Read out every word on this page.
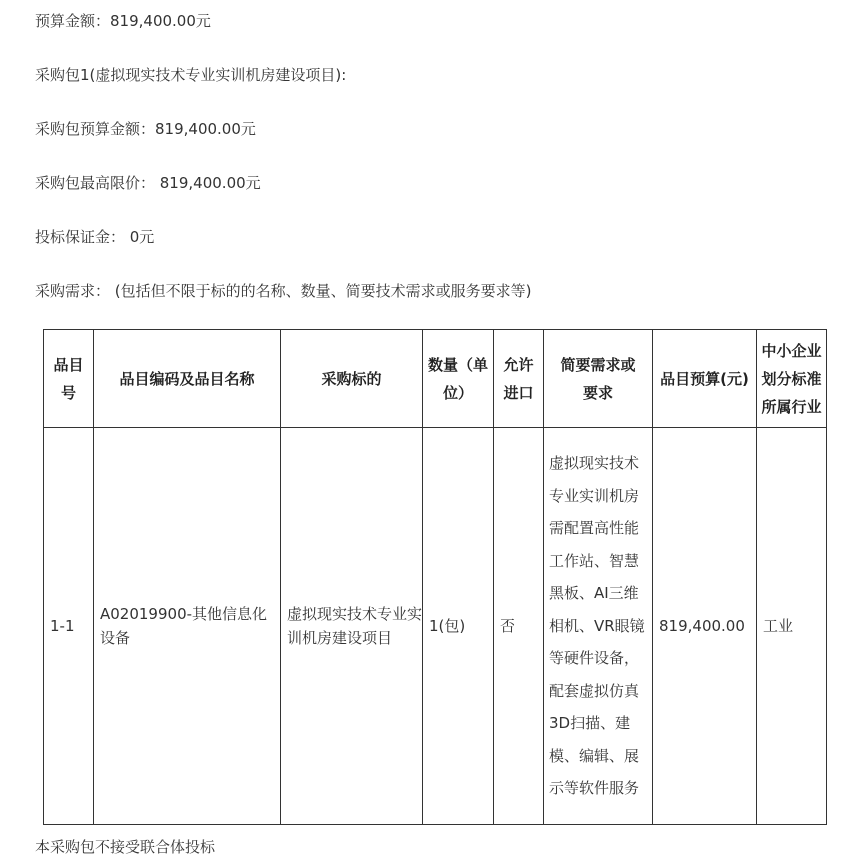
预算金额：819,400.00元
采购包1(虚拟现实技术专业实训机房建设项目):
采购包预算金额：819,400.00元
采购包最高限价： 819,400.00元
投标保证金： 0元
采购需求： (包括但不限于标的的名称、数量、简要技术需求或服务要求等)
品目号	品目编码及品目名称	采购标的	数量（单位）	允许进口	简要需求或要求	品目预算(元)	中小企业划分标准所属行业
1-1	A02019900-其他信息化设备	虚拟现实技术专业实训机房建设项目	1(包)	否	虚拟现实技术专业实训机房需配置高性能工作站、智慧黑板、AI三维相机、VR眼镜等硬件设备，配套虚拟仿真3D扫描、建模、编辑、展示等软件服务	819,400.00	工业
本采购包不接受联合体投标
